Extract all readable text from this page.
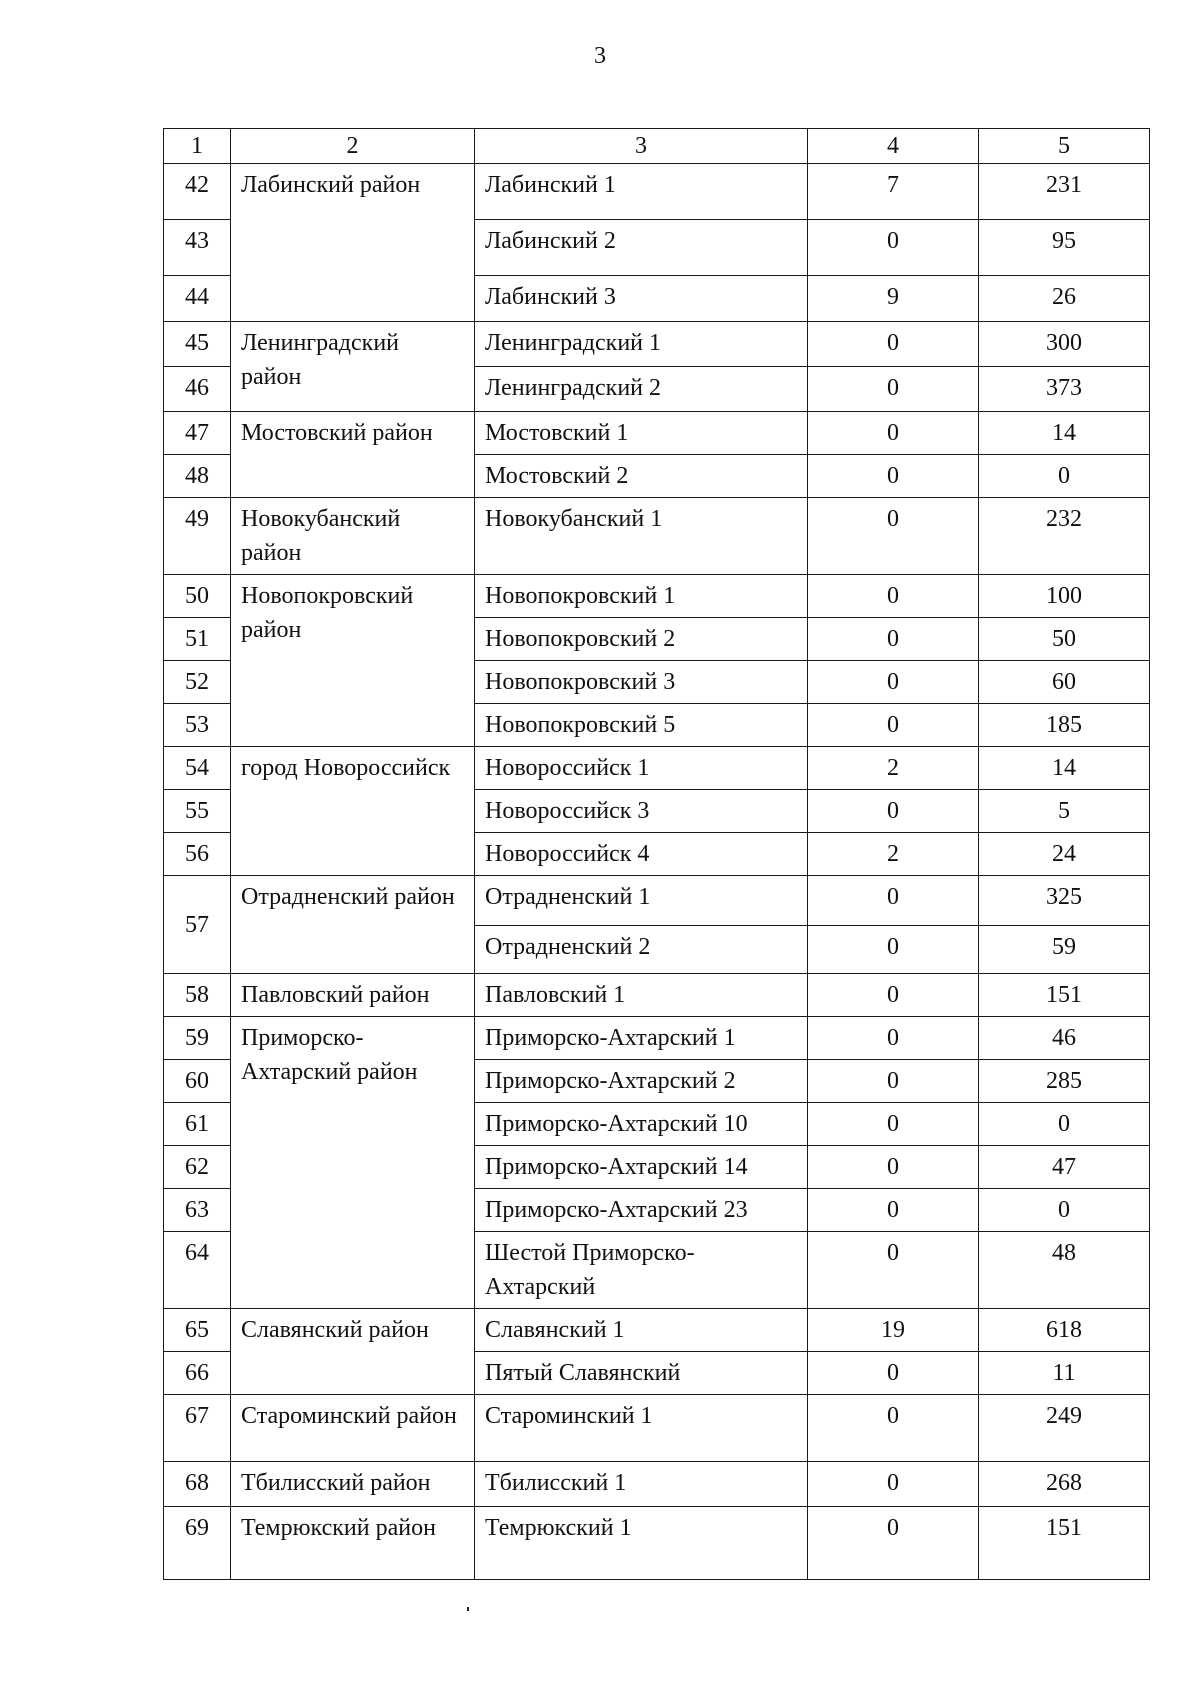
3
1	2	3	4	5
42	Лабинский район	Лабинский 1	7	231
43		Лабинский 2	0	95
44		Лабинский 3	9	26
45	Ленинградский район	Ленинградский 1	0	300
46		Ленинградский 2	0	373
47	Мостовский район	Мостовский 1	0	14
48		Мостовский 2	0	0
49	Новокубанский район	Новокубанский 1	0	232
50	Новопокровский район	Новопокровский 1	0	100
51		Новопокровский 2	0	50
52		Новопокровский 3	0	60
53		Новопокровский 5	0	185
54	город Новороссийск	Новороссийск 1	2	14
55		Новороссийск 3	0	5
56		Новороссийск 4	2	24
57	Отрадненский район	Отрадненский 1	0	325
		Отрадненский 2	0	59
58	Павловский район	Павловский 1	0	151
59	Приморско-Ахтарский район	Приморско-Ахтарский 1	0	46
60		Приморско-Ахтарский 2	0	285
61		Приморско-Ахтарский 10	0	0
62		Приморско-Ахтарский 14	0	47
63		Приморско-Ахтарский 23	0	0
64		Шестой Приморско-Ахтарский	0	48
65	Славянский район	Славянский 1	19	618
66		Пятый Славянский	0	11
67	Староминский район	Староминский 1	0	249
68	Тбилисский район	Тбилисский 1	0	268
69	Темрюкский район	Темрюкский 1	0	151
